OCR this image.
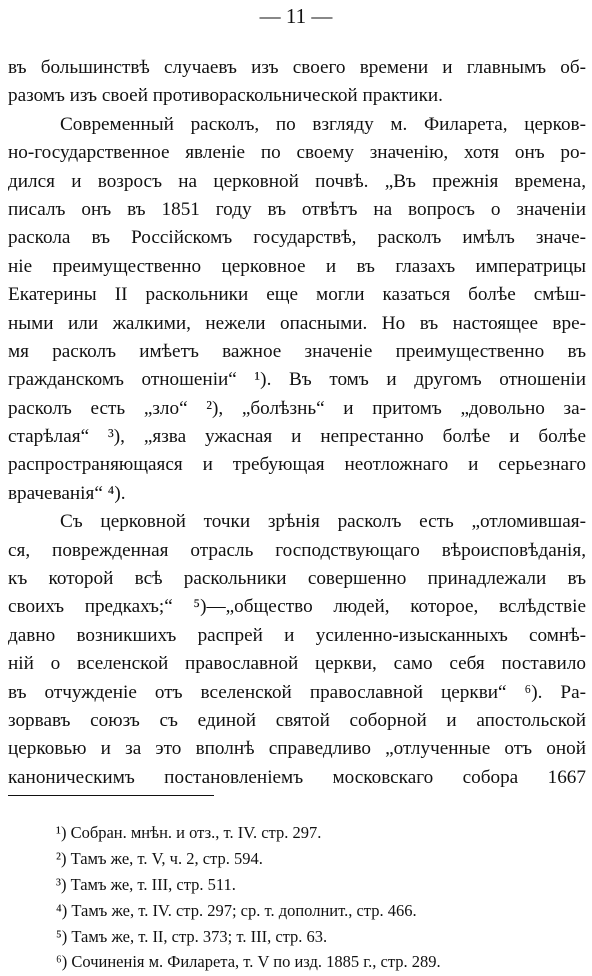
— 11 —
въ большинствѣ случаевъ изъ своего времени и главнымъ об-
разомъ изъ своей противораскольнической практики.
Современный расколъ, по взгляду м. Филарета, церков-
но-государственное явленіе по своему значенію, хотя онъ ро-
дился и возросъ на церковной почвѣ. „Въ прежнія времена,
писалъ онъ въ 1851 году въ отвѣтъ на вопросъ о значеніи
раскола въ Россійскомъ государствѣ, расколъ имѣлъ значе-
ніе преимущественно церковное и въ глазахъ императрицы
Екатерины II раскольники еще могли казаться болѣе смѣш-
ными или жалкими, нежели опасными. Но въ настоящее вре-
мя расколъ имѣетъ важное значеніе преимущественно въ
гражданскомъ отношеніи“ ¹). Въ томъ и другомъ отношеніи
расколъ есть „зло“ ²), „болѣзнь“ и притомъ „довольно за-
старѣлая“ ³), „язва ужасная и непрестанно болѣе и болѣе
распространяющаяся и требующая неотложнаго и серьезнаго
врачеванія“ ⁴).
Съ церковной точки зрѣнія расколъ есть „отломившая-
ся, поврежденная отрасль господствующаго вѣроисповѣданія,
къ которой всѣ раскольники совершенно принадлежали въ
своихъ предкахъ;“ ⁵)—„общество людей, которое, вслѣдствіе
давно возникшихъ распрей и усиленно-изысканныхъ сомнѣ-
ній о вселенской православной церкви, само себя поставило
въ отчужденіе отъ вселенской православной церкви“ ⁶). Ра-
зорвавъ союзъ съ единой святой соборной и апостольской
церковью и за это вполнѣ справедливо „отлученные отъ оной
каноническимъ постановленіемъ московскаго собора 1667
¹) Собран. мнѣн. и отз., т. IV. стр. 297.
²) Тамъ же, т. V, ч. 2, стр. 594.
³) Тамъ же, т. III, стр. 511.
⁴) Тамъ же, т. IV. стр. 297; ср. т. дополнит., стр. 466.
⁵) Тамъ же, т. II, стр. 373; т. III, стр. 63.
⁶) Сочиненія м. Филарета, т. V по изд. 1885 г., стр. 289.
